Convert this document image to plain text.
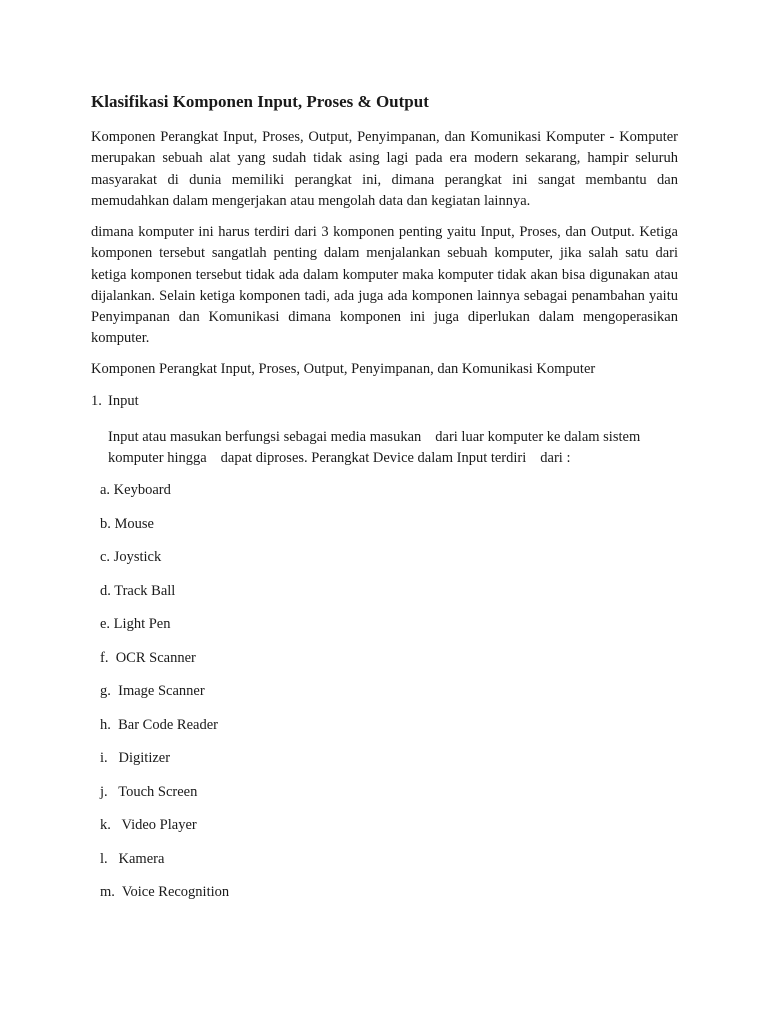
Klasifikasi Komponen Input, Proses & Output

Komponen Perangkat Input, Proses, Output, Penyimpanan, dan Komunikasi Komputer - Komputer merupakan sebuah alat yang sudah tidak asing lagi pada era modern sekarang, hampir seluruh masyarakat di dunia memiliki perangkat ini, dimana perangkat ini sangat membantu dan memudahkan dalam mengerjakan atau mengolah data dan kegiatan lainnya.

dimana komputer ini harus terdiri dari 3 komponen penting yaitu Input, Proses, dan Output. Ketiga komponen tersebut sangatlah penting dalam menjalankan sebuah komputer, jika salah satu dari ketiga komponen tersebut tidak ada dalam komputer maka komputer tidak akan bisa digunakan atau dijalankan. Selain ketiga komponen tadi, ada juga ada komponen lainnya sebagai penambahan yaitu Penyimpanan dan Komunikasi dimana komponen ini juga diperlukan dalam mengoperasikan komputer.

Komponen Perangkat Input, Proses, Output, Penyimpanan, dan Komunikasi Komputer

1. Input

Input atau masukan berfungsi sebagai media masukan dari luar komputer ke dalam sistem komputer hingga dapat diproses. Perangkat Device dalam Input terdiri dari :

a. Keyboard
b. Mouse
c. Joystick
d. Track Ball
e. Light Pen
f.  OCR Scanner
g.  Image Scanner
h.  Bar Code Reader
i.   Digitizer
j.   Touch Screen
k.   Video Player
l.   Kamera
m.  Voice Recognition
